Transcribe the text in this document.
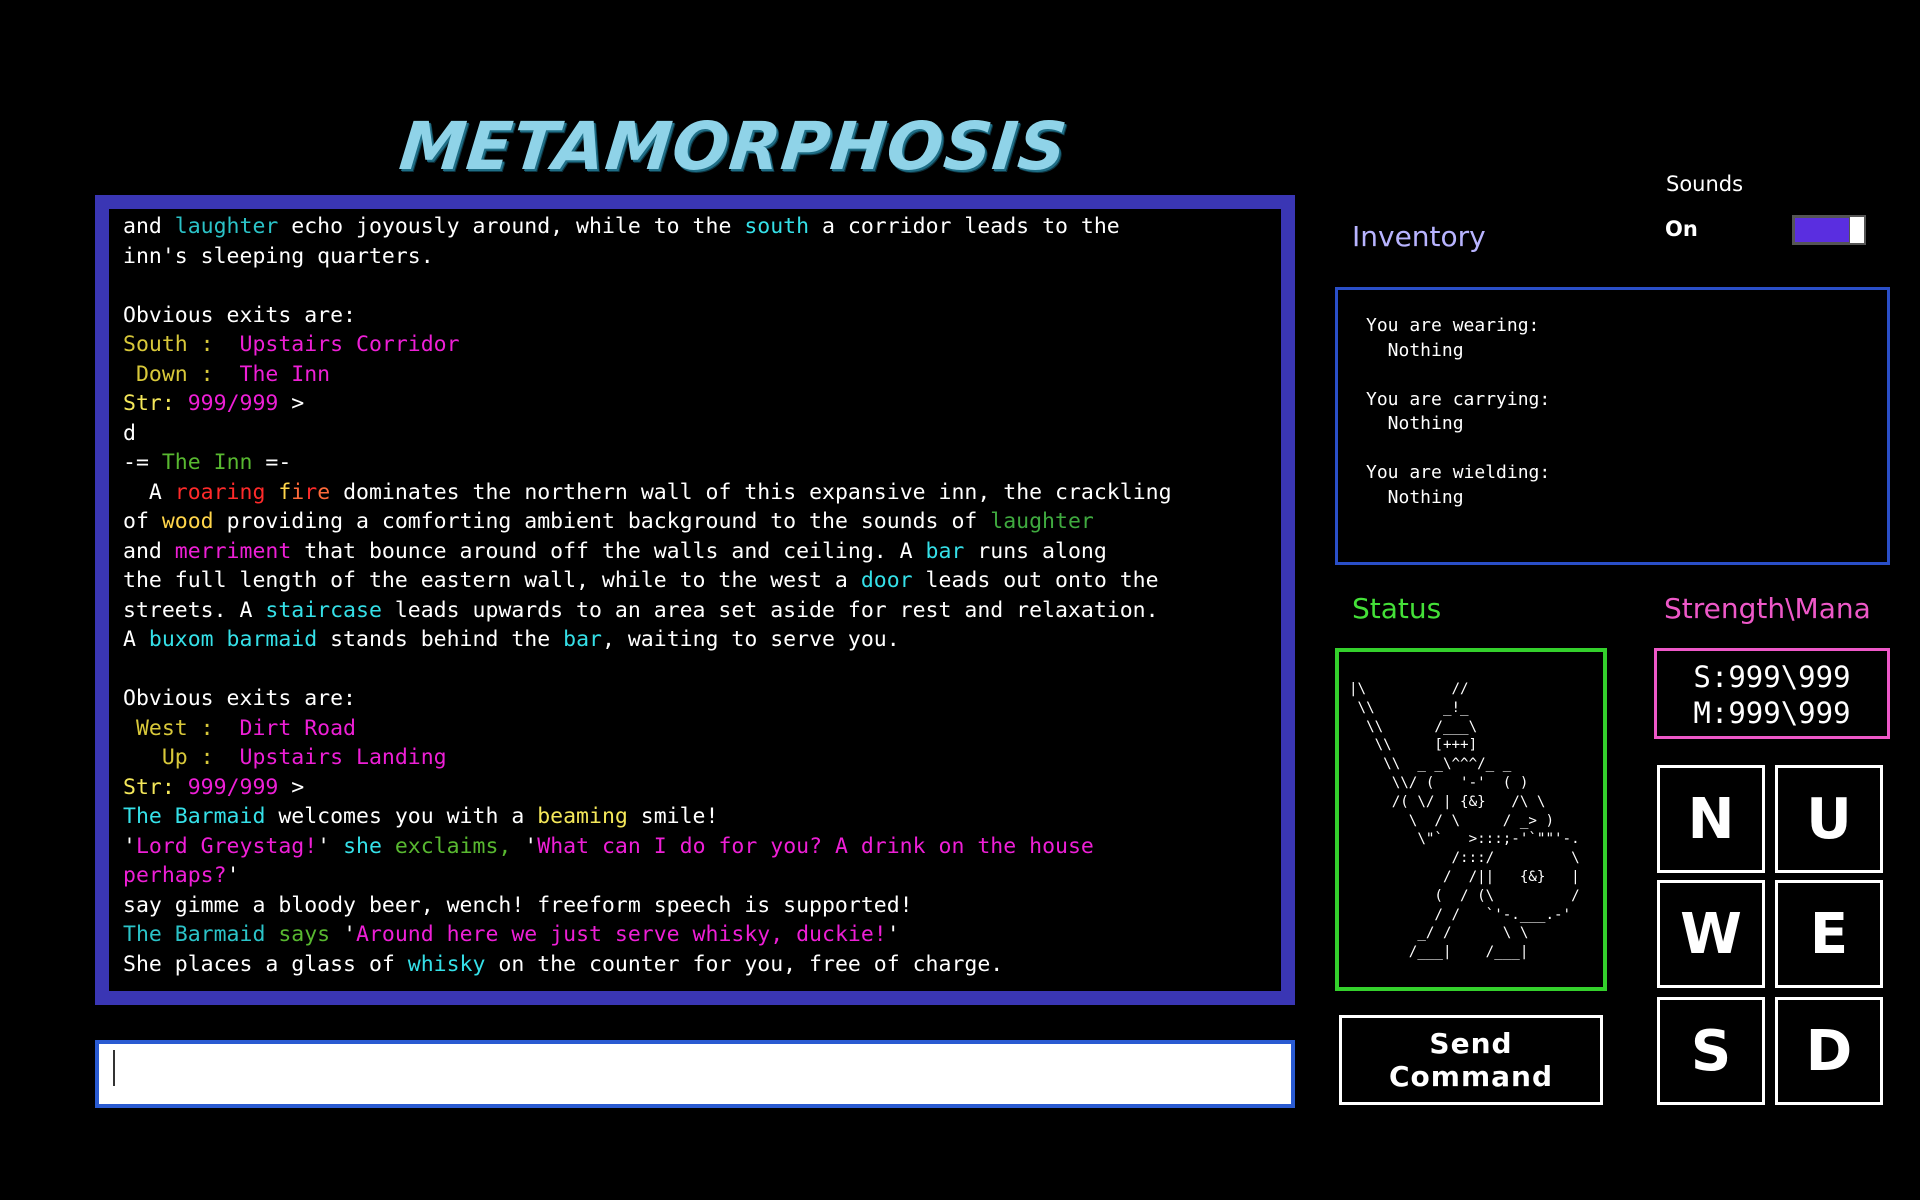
METAMORPHOSIS
and laughter echo joyously around, while to the south a corridor leads to the
inn's sleeping quarters.

Obvious exits are:
South :  Upstairs Corridor
Down :  The Inn
Str: 999/999 >
d
-= The Inn =-
A roaring fire dominates the northern wall of this expansive inn, the crackling
of wood providing a comforting ambient background to the sounds of laughter
and merriment that bounce around off the walls and ceiling. A bar runs along
the full length of the eastern wall, while to the west a door leads out onto the
streets. A staircase leads upwards to an area set aside for rest and relaxation.
A buxom barmaid stands behind the bar, waiting to serve you.

Obvious exits are:
West :  Dirt Road
Up :  Upstairs Landing
Str: 999/999 >
The Barmaid welcomes you with a beaming smile!
'Lord Greystag!' she exclaims, 'What can I do for you? A drink on the house
perhaps?'
say gimme a bloody beer, wench! freeform speech is supported!
The Barmaid says 'Around here we just serve whisky, duckie!'
She places a glass of whisky on the counter for you, free of charge.
Inventory
Sounds
On
You are wearing:
Nothing

You are carrying:
Nothing

You are wielding:
Nothing
Status	Strength\Mana
|\          //
\\        _!_
\\      /___\
\\     [+++]
\\  _ _\^^^/_ _
\\/ (   '-'  ( )
/( \/ | {&}   /\ \
\  / \     / _> )
\"`   >:::;-'`""'-.
/:::/         \
/  /||   {&}   |
(  / (\         /
/ /   `'-.___.-'
_/ /      \ \
/___|    /___|
S:999\999
M:999\999
Send Command
N	U
W	E
S	D
